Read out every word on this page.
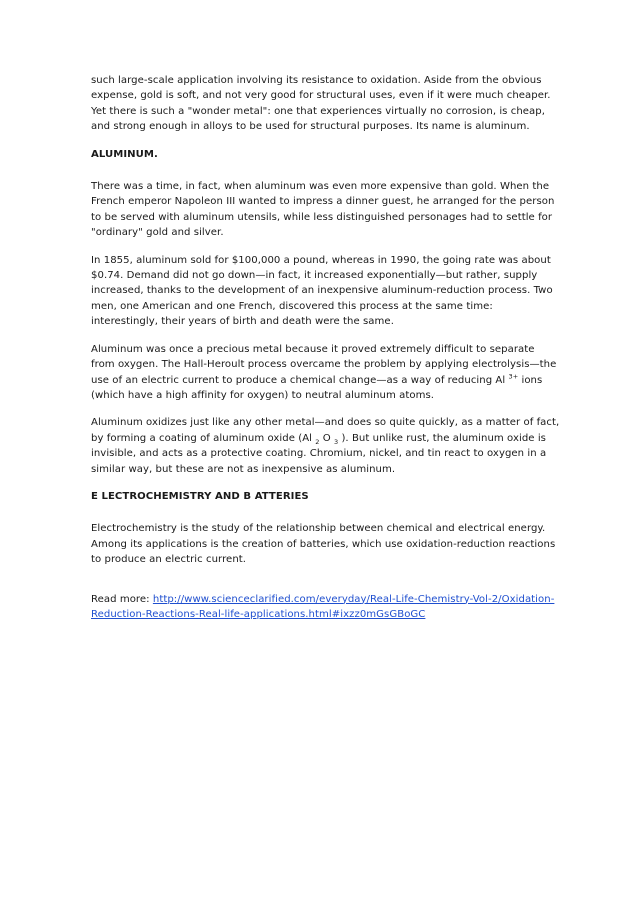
such large-scale application involving its resistance to oxidation. Aside from the obvious expense, gold is soft, and not very good for structural uses, even if it were much cheaper. Yet there is such a "wonder metal": one that experiences virtually no corrosion, is cheap, and strong enough in alloys to be used for structural purposes. Its name is aluminum.

ALUMINUM.

There was a time, in fact, when aluminum was even more expensive than gold. When the French emperor Napoleon III wanted to impress a dinner guest, he arranged for the person to be served with aluminum utensils, while less distinguished personages had to settle for "ordinary" gold and silver.

In 1855, aluminum sold for $100,000 a pound, whereas in 1990, the going rate was about $0.74. Demand did not go down—in fact, it increased exponentially—but rather, supply increased, thanks to the development of an inexpensive aluminum-reduction process. Two men, one American and one French, discovered this process at the same time: interestingly, their years of birth and death were the same.

Aluminum was once a precious metal because it proved extremely difficult to separate from oxygen. The Hall-Heroult process overcame the problem by applying electrolysis—the use of an electric current to produce a chemical change—as a way of reducing Al $^{3+}$ ions (which have a high affinity for oxygen) to neutral aluminum atoms.

Aluminum oxidizes just like any other metal—and does so quite quickly, as a matter of fact, by forming a coating of aluminum oxide (Al $_2$ O $_3$ ). But unlike rust, the aluminum oxide is invisible, and acts as a protective coating. Chromium, nickel, and tin react to oxygen in a similar way, but these are not as inexpensive as aluminum.

E LECTROCHEMISTRY AND B ATTERIES

Electrochemistry is the study of the relationship between chemical and electrical energy. Among its applications is the creation of batteries, which use oxidation-reduction reactions to produce an electric current.

Read more: http://www.scienceclarified.com/everyday/Real-Life-Chemistry-Vol-2/Oxidation-Reduction-Reactions-Real-life-applications.html#ixzz0mGsGBoGC
